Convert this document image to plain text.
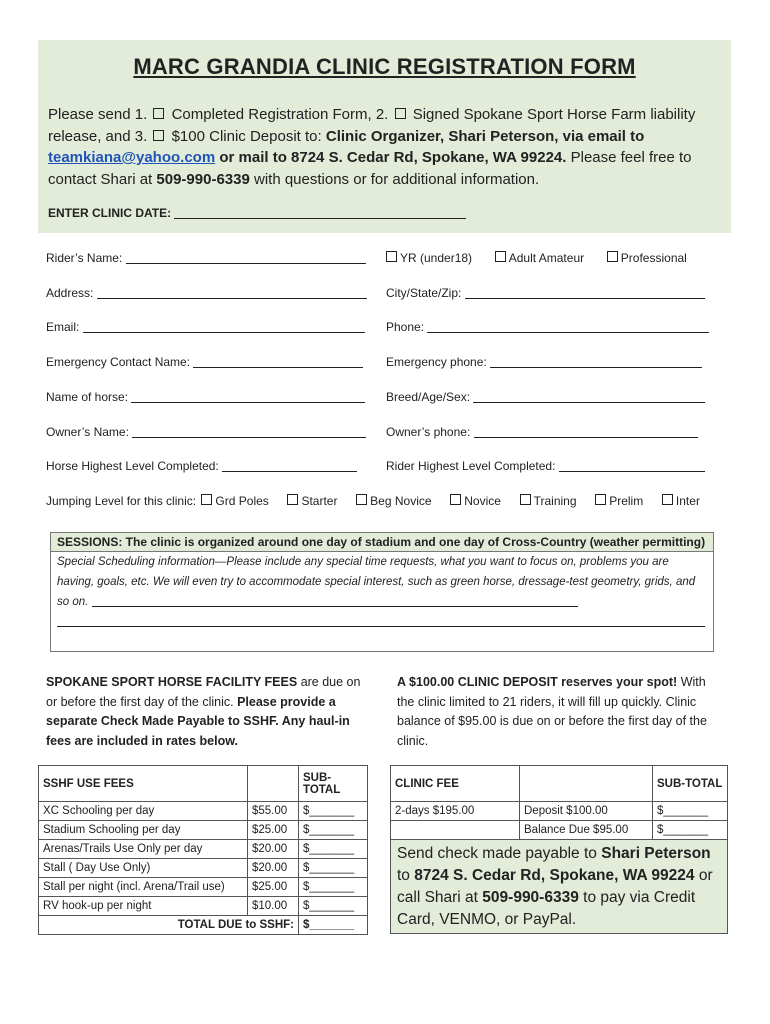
MARC GRANDIA CLINIC REGISTRATION FORM
Please send 1. Completed Registration Form, 2. Signed Spokane Sport Horse Farm liability release, and 3. $100 Clinic Deposit to: Clinic Organizer, Shari Peterson, via email to teamkiana@yahoo.com or mail to 8724 S. Cedar Rd, Spokane, WA 99224. Please feel free to contact Shari at 509-990-6339 with questions or for additional information.
ENTER CLINIC DATE:
Rider’s Name:	YR (under18)	Adult Amateur	Professional
Address:	City/State/Zip:
Email:	Phone:
Emergency Contact Name:	Emergency phone:
Name of horse:	Breed/Age/Sex:
Owner’s Name:	Owner’s phone:
Horse Highest Level Completed:	Rider Highest Level Completed:
Jumping Level for this clinic: Grd Poles	Starter	Beg Novice	Novice	Training	Prelim	Inter
SESSIONS: The clinic is organized around one day of stadium and one day of Cross-Country (weather permitting)
Special Scheduling information—Please include any special time requests, what you want to focus on, problems you are having, goals, etc. We will even try to accommodate special interest, such as green horse, dressage-test geometry, grids, and so on.

SPOKANE SPORT HORSE FACILITY FEES are due on or before the first day of the clinic. Please provide a separate Check Made Payable to SSHF. Any haul-in fees are included in rates below.
A $100.00 CLINIC DEPOSIT reserves your spot! With the clinic limited to 21 riders, it will fill up quickly. Clinic balance of $95.00 is due on or before the first day of the clinic.
SSHF USE FEES		SUB-TOTAL
XC Schooling per day	$55.00	$_______
Stadium Schooling per day	$25.00	$_______
Arenas/Trails Use Only per day	$20.00	$_______
Stall ( Day Use Only)	$20.00	$_______
Stall per night (incl. Arena/Trail use)	$25.00	$_______
RV hook-up per night	$10.00	$_______
TOTAL DUE to SSHF:		$_______
CLINIC FEE		SUB-TOTAL
2-days $195.00	Deposit $100.00	$_______
	Balance Due $95.00	$_______

Send check made payable to Shari Peterson to 8724 S. Cedar Rd, Spokane, WA 99224 or call Shari at 509-990-6339 to pay via Credit Card, VENMO, or PayPal.
